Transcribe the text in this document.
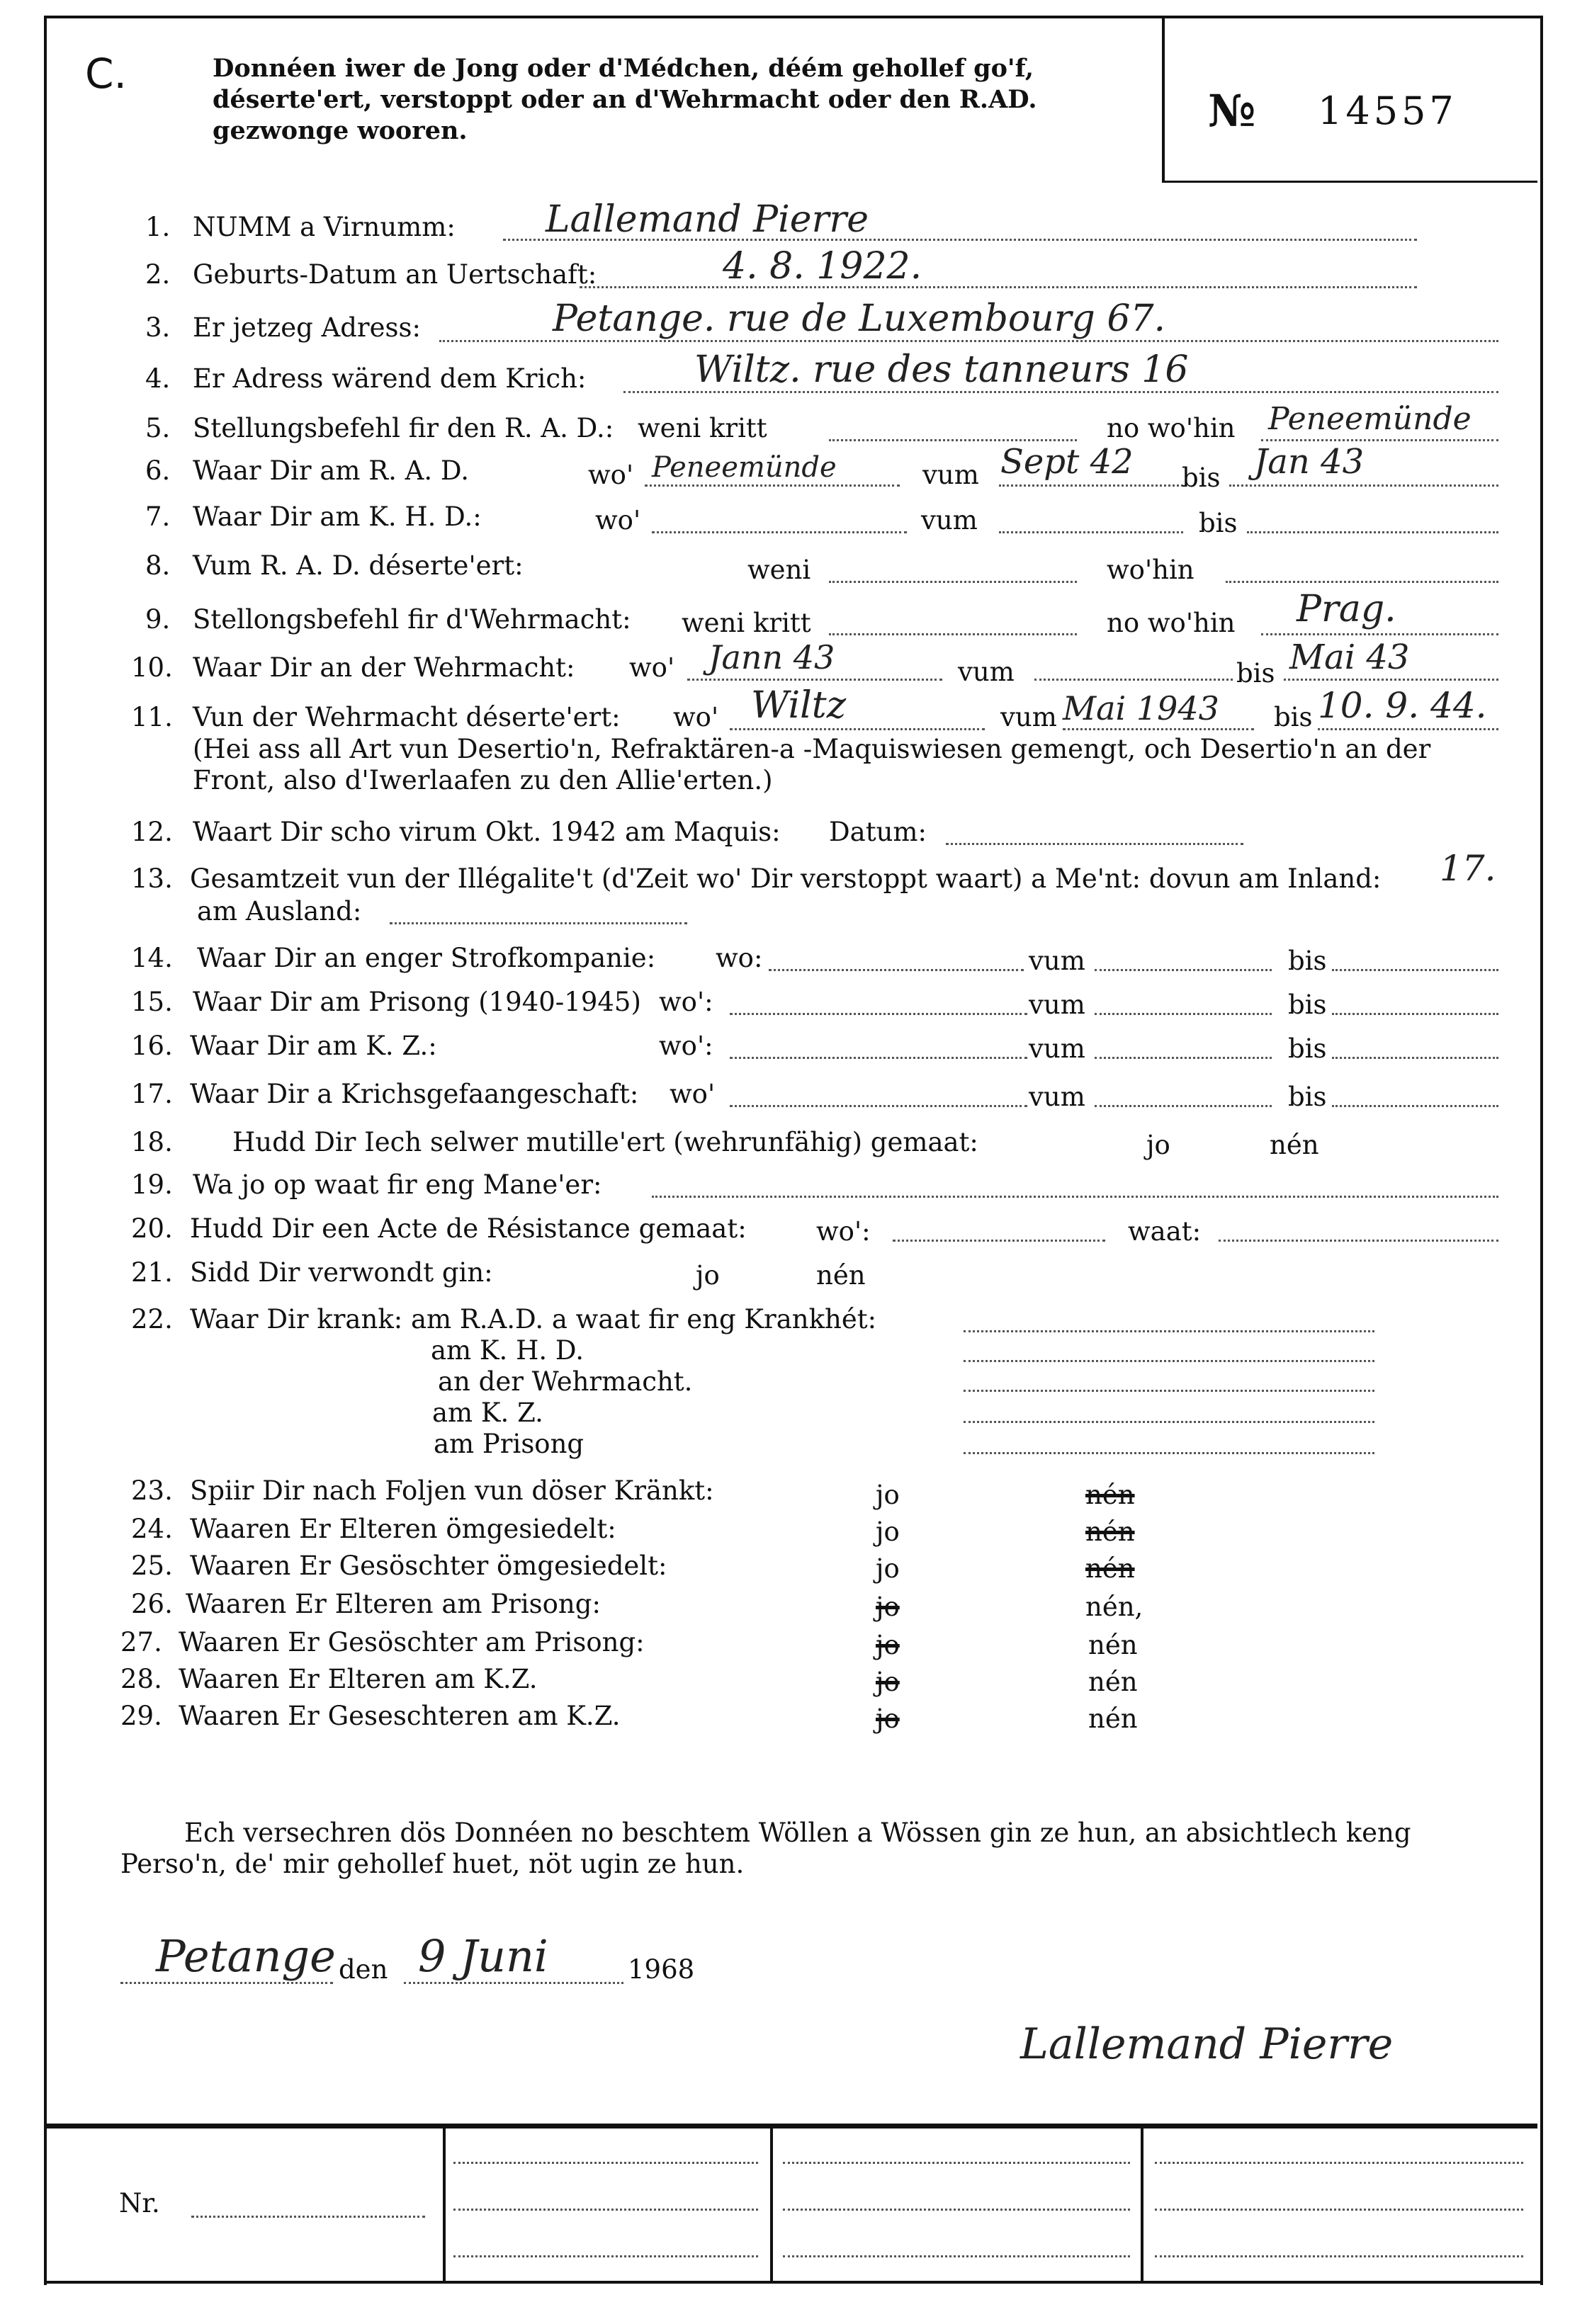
C.	Donnéen iwer de Jong oder d'Médchen, déém gehollef go'f, déserte'ert, verstoppt oder an d'Wehrmacht oder den R.AD. gezwonge wooren.	№ 14557
1. NUMM a Virnumm: Lallemand Pierre
2. Geburts-Datum an Uertschaft:	4. 8. 1922.
3. Er jetzeg Adress:	Petange. rue de Luxembourg 67.
4. Er Adress wärend dem Krich:	Wiltz. rue des tanneurs 16
5. Stellungsbefehl fir den R. A. D.: weni kritt	no wo'hin Peneemünde
6. Waar Dir am R. A. D.	wo' Peneemünde	vum Sept 42 bis Jan 43
7. Waar Dir am K. H. D.:	wo'	vum	bis
8. Vum R. A. D. déserte'ert:	weni	wo'hin
9. Stellongsbefehl fir d'Wehrmacht: weni kritt	no wo'hin Prag.
10. Waar Dir an der Wehrmacht: wo' Jann 43	vum	bis Mai 43
11. Vun der Wehrmacht déserte'ert: wo' Wiltz	vum Mai 1943 bis 10. 9. 44.
(Hei ass all Art vun Desertio'n, Refraktären-a -Maquiswiesen gemengt, och Desertio'n an der Front, also d'Iwerlaafen zu den Allie'erten.)
12. Waart Dir scho virum Okt. 1942 am Maquis: Datum:
13. Gesamtzeit vun der Illégalite't (d'Zeit wo' Dir verstoppt waart) a Me'nt: dovun am Inland: 17.
am Ausland:
14. Waar Dir an enger Strofkompanie: wo:	vum	bis
15. Waar Dir am Prisong (1940-1945) wo':	vum	bis
16. Waar Dir am K. Z.:	wo':	vum	bis
17. Waar Dir a Krichsgefaangeschaft: wo'	vum	bis
18. Hudd Dir Iech selwer mutille'ert (wehrunfähig) gemaat:	jo	nén
19. Wa jo op waat fir eng Mane'er:
20. Hudd Dir een Acte de Résistance gemaat:	wo':	waat:
21. Sidd Dir verwondt gin:	jo	nén
22. Waar Dir krank: am R.A.D. a waat fir eng Krankhét:
am K. H. D.
an der Wehrmacht.
am K. Z.
am Prisong
23. Spiir Dir nach Foljen vun döser Kränkt:	jo	nén
24. Waaren Er Elteren ömgesiedelt:	jo	nén
25. Waaren Er Gesöschter ömgesiedelt:	jo	nén
26. Waaren Er Elteren am Prisong:	jo	nén,
27. Waaren Er Gesöschter am Prisong:	jo	nén
28. Waaren Er Elteren am K.Z.	jo	nén
29. Waaren Er Geseschteren am K.Z.	jo	nén
Ech versechren dös Donnéen no beschtem Wöllen a Wössen gin ze hun, an absichtlech keng Perso'n, de' mir gehollef huet, nöt ugin ze hun.
Petange den 9 Juni	1968
Lallemand Pierre
Nr.
